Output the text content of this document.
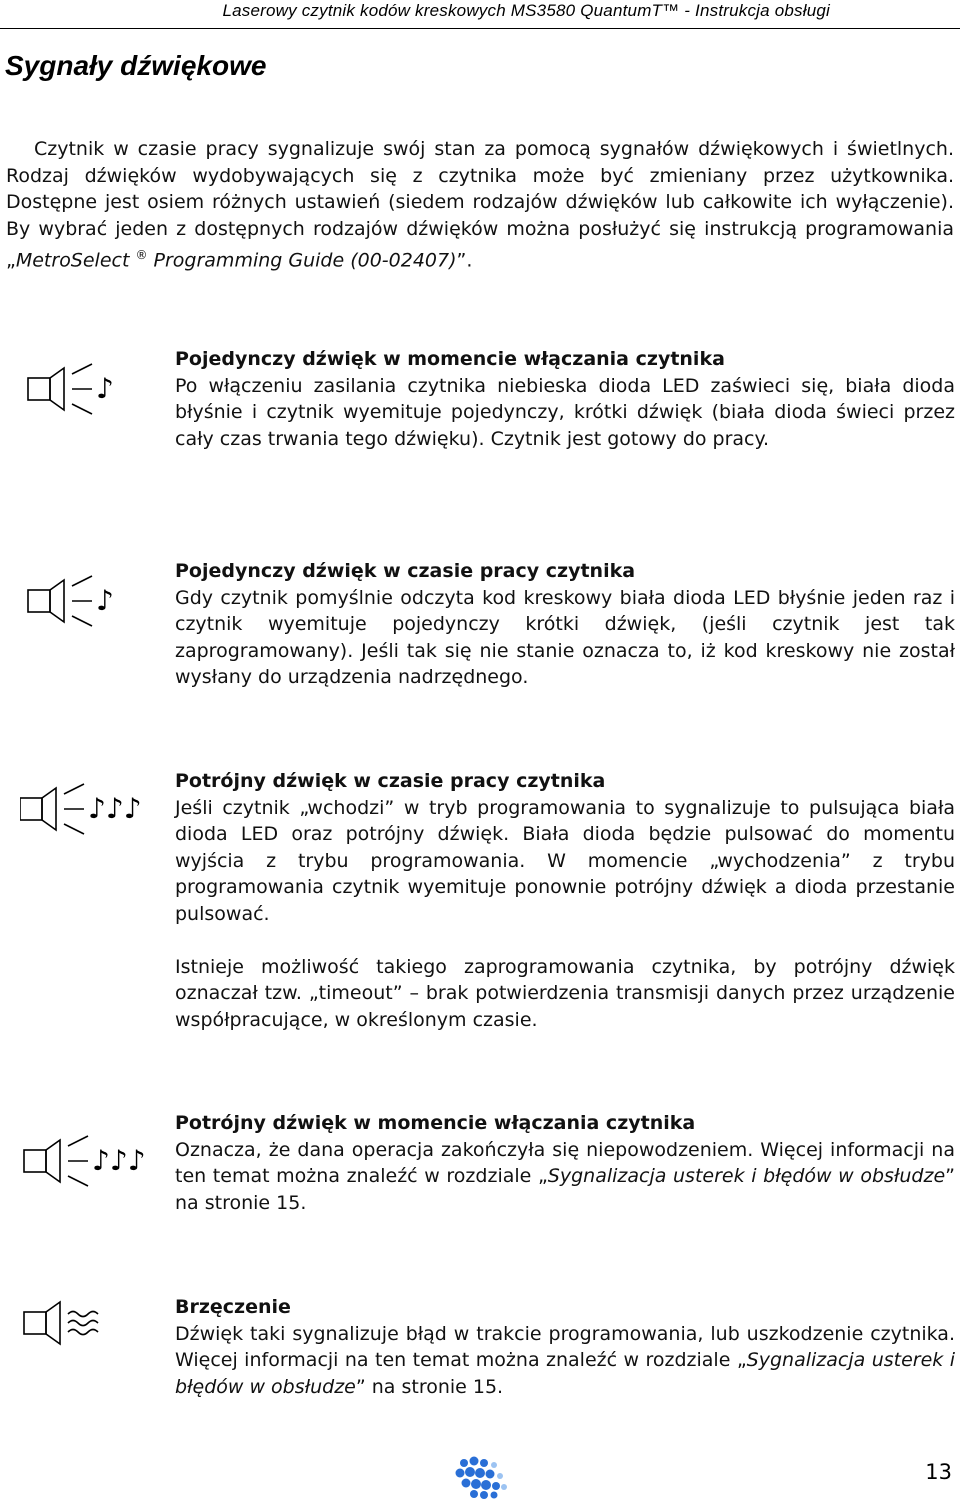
Laserowy czytnik kodów kreskowych MS3580 QuantumT™ - Instrukcja obsługi
Sygnały dźwiękowe

Czytnik w czasie pracy sygnalizuje swój stan za pomocą sygnałów dźwiękowych i świetlnych. Rodzaj dźwięków wydobywających się z czytnika może być zmieniany przez użytkownika. Dostępne jest osiem różnych ustawień (siedem rodzajów dźwięków lub całkowite ich wyłączenie). By wybrać jeden z dostępnych rodzajów dźwięków można posłużyć się instrukcją programowania „MetroSelect ® Programming Guide (00-02407)”.

♪
Pojedynczy dźwięk w momencie włączania czytnika

Po włączeniu zasilania czytnika niebieska dioda LED zaświeci się, biała dioda błyśnie i czytnik wyemituje pojedynczy, krótki dźwięk (biała dioda świeci przez cały czas trwania tego dźwięku). Czytnik jest gotowy do pracy.

♪
Pojedynczy dźwięk w czasie pracy czytnika

Gdy czytnik pomyślnie odczyta kod kreskowy biała dioda LED błyśnie jeden raz i czytnik wyemituje pojedynczy krótki dźwięk, (jeśli czytnik jest tak zaprogramowany). Jeśli tak się nie stanie oznacza to, iż kod kreskowy nie został wysłany do urządzenia nadrzędnego.

♪♪♪
Potrójny dźwięk w czasie pracy czytnika

Jeśli czytnik „wchodzi” w tryb programowania to sygnalizuje to pulsująca biała dioda LED oraz potrójny dźwięk. Biała dioda będzie pulsować do momentu wyjścia z trybu programowania. W momencie „wychodzenia” z trybu programowania czytnik wyemituje ponownie potrójny dźwięk a dioda przestanie pulsować.

Istnieje możliwość takiego zaprogramowania czytnika, by potrójny dźwięk oznaczał tzw. „timeout” – brak potwierdzenia transmisji danych przez urządzenie współpracujące, w określonym czasie.

♪♪♪
Potrójny dźwięk w momencie włączania czytnika

Oznacza, że dana operacja zakończyła się niepowodzeniem. Więcej informacji na ten temat można znaleźć w rozdziale „Sygnalizacja usterek i błędów w obsłudze” na stronie 15.

Brzęczenie

Dźwięk taki sygnalizuje błąd w trakcie programowania, lub uszkodzenie czytnika. Więcej informacji na ten temat można znaleźć w rozdziale „Sygnalizacja usterek i błędów w obsłudze” na stronie 15.

13
